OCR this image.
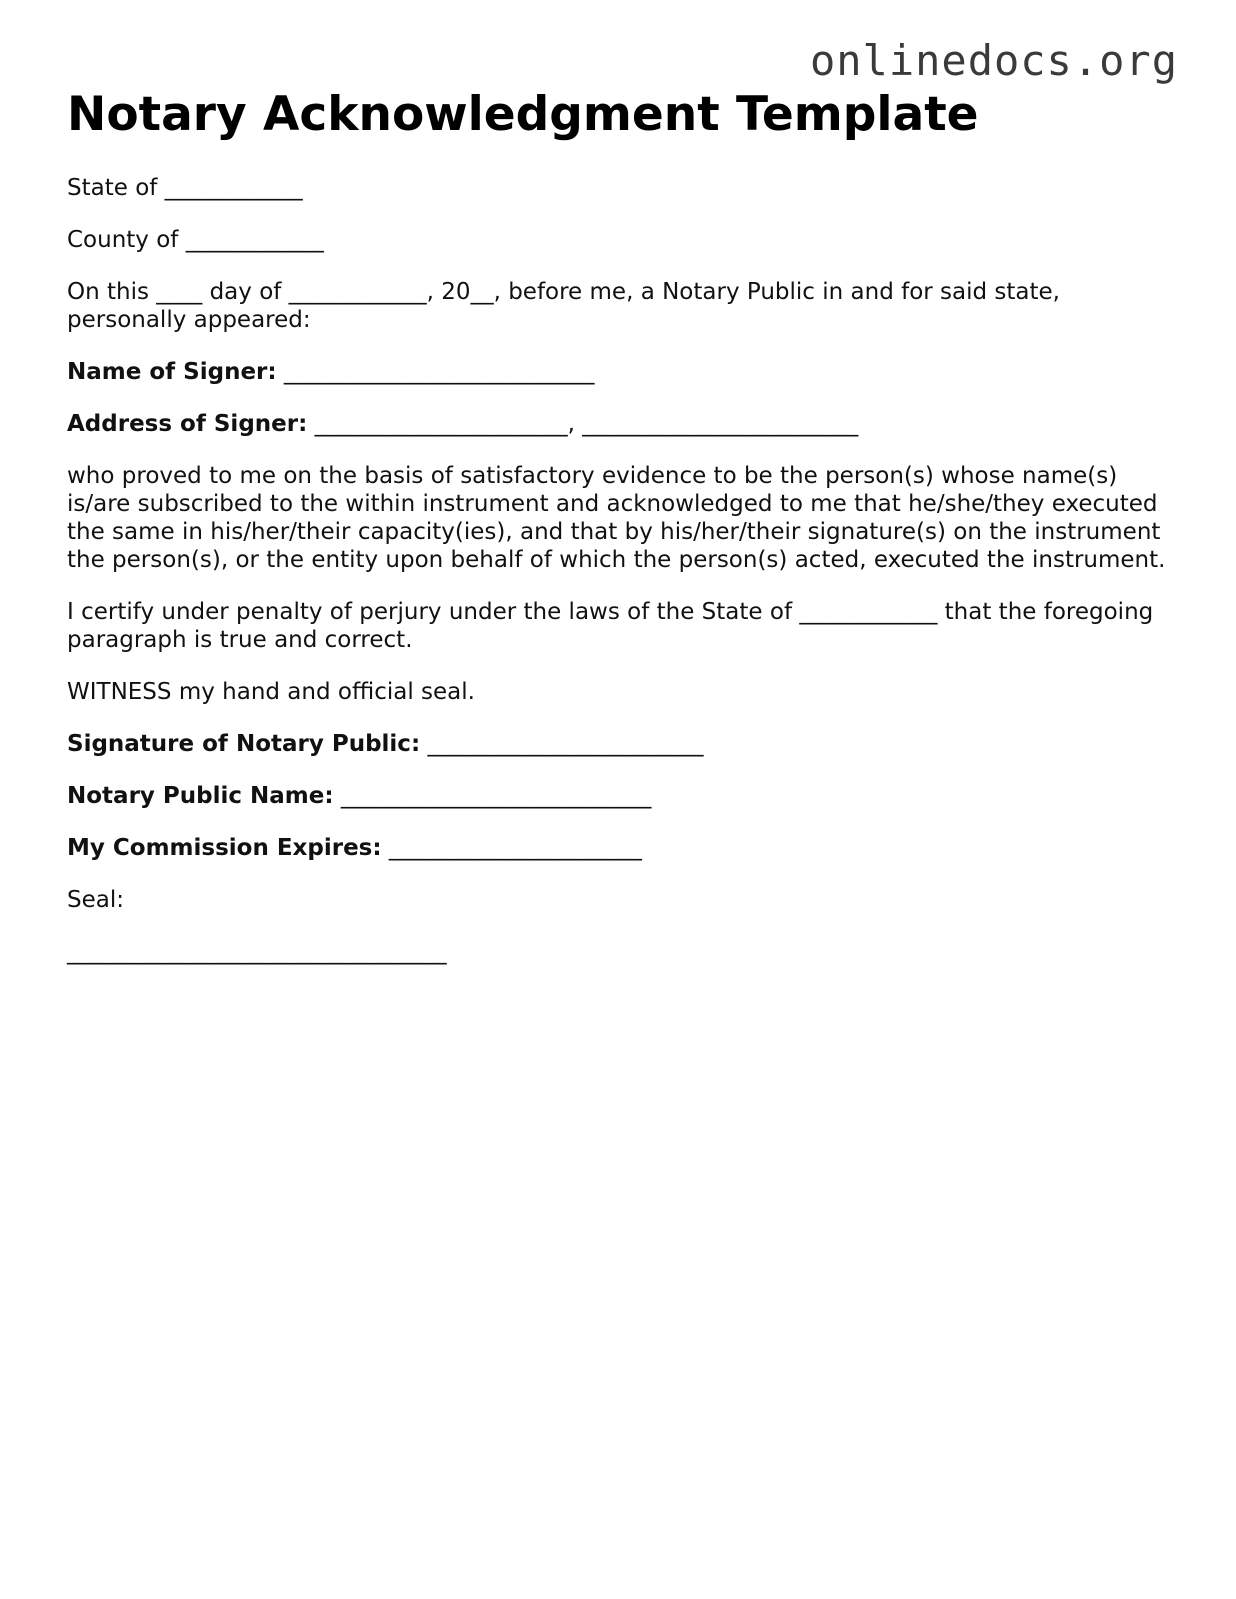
onlinedocs.org
Notary Acknowledgment Template

State of ____________

County of ____________

On this ____ day of ____________, 20__, before me, a Notary Public in and for said state, personally appeared:

Name of Signer: ___________________________

Address of Signer: ______________________, ________________________

who proved to me on the basis of satisfactory evidence to be the person(s) whose name(s) is/are subscribed to the within instrument and acknowledged to me that he/she/they executed the same in his/her/their capacity(ies), and that by his/her/their signature(s) on the instrument the person(s), or the entity upon behalf of which the person(s) acted, executed the instrument.

I certify under penalty of perjury under the laws of the State of ____________ that the foregoing paragraph is true and correct.

WITNESS my hand and official seal.

Signature of Notary Public: ________________________

Notary Public Name: ___________________________

My Commission Expires: ______________________

Seal:

_________________________________
